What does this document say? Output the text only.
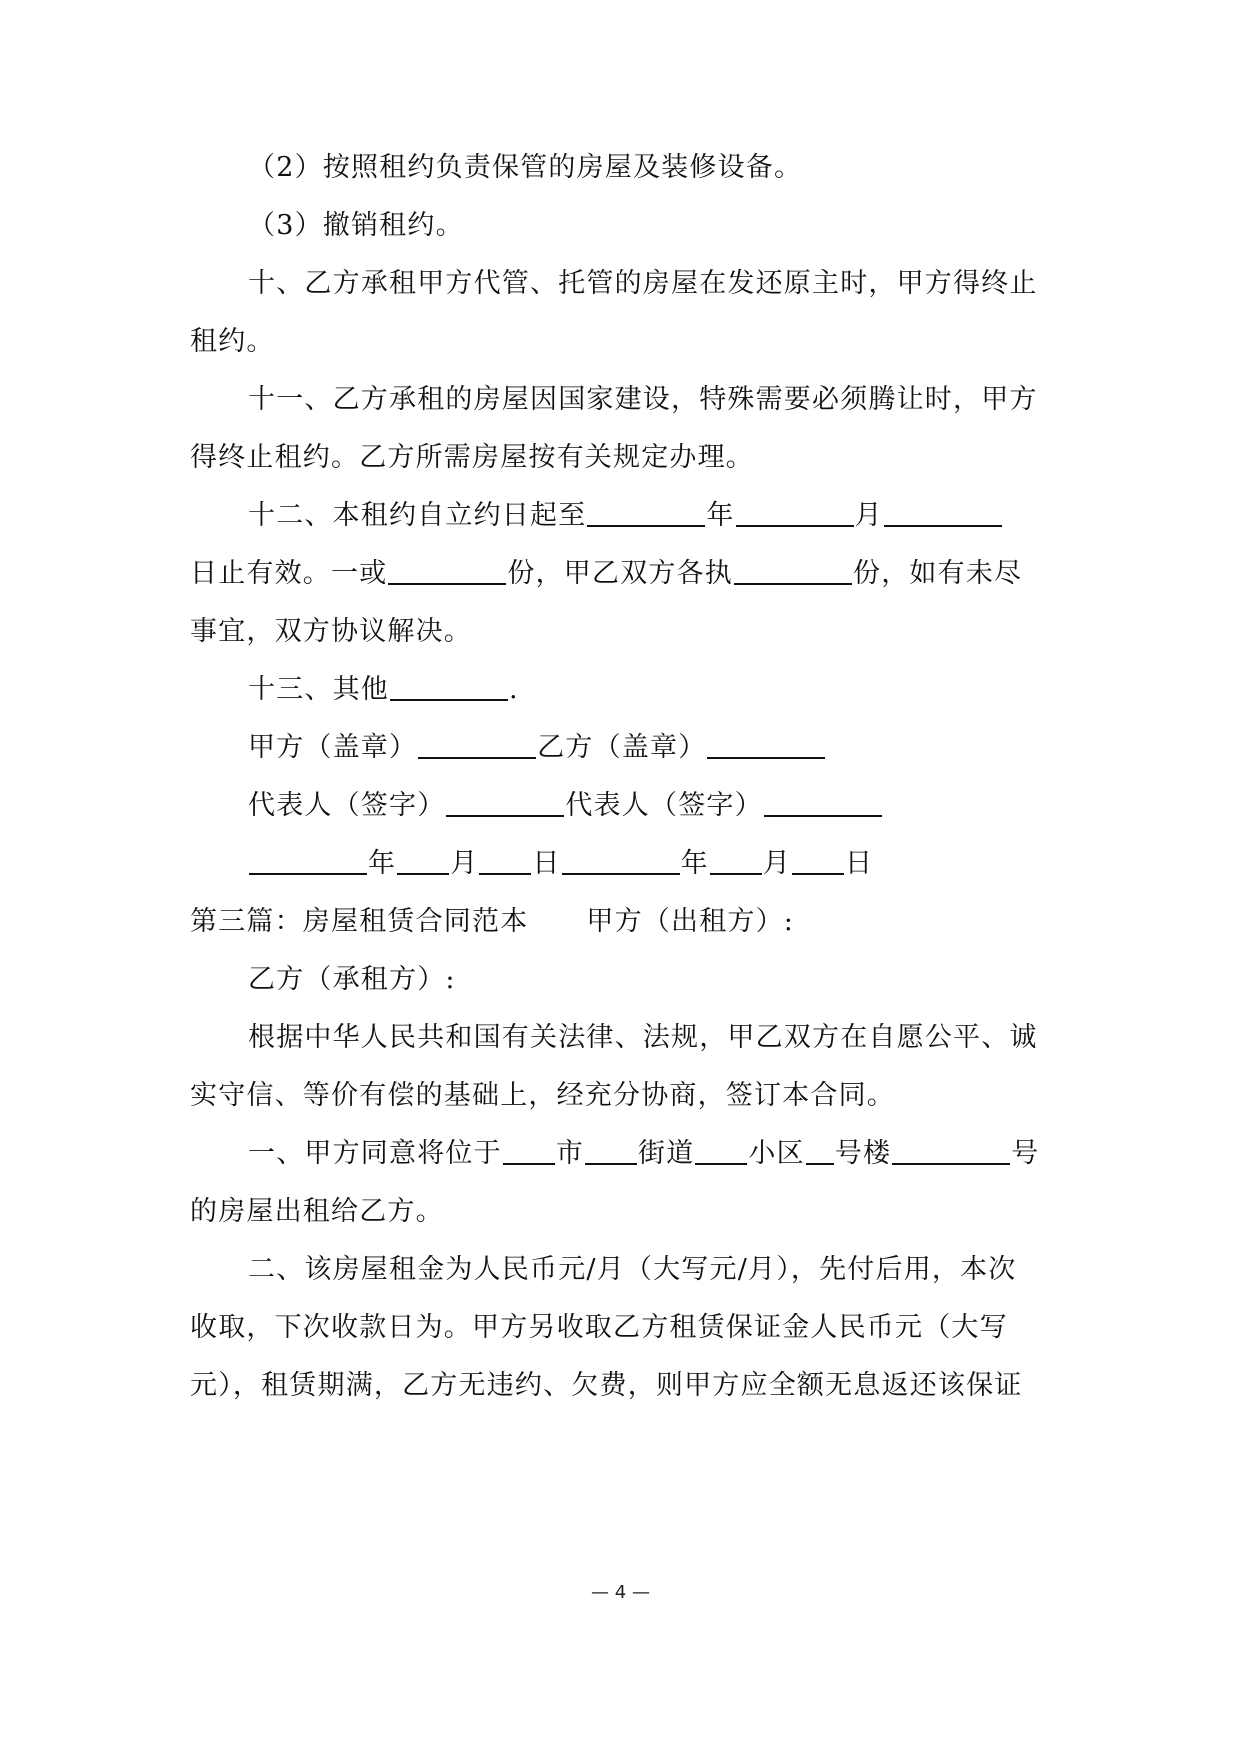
（2）按照租约负责保管的房屋及装修设备。
（3）撤销租约。
十、乙方承租甲方代管、托管的房屋在发还原主时，甲方得终止
租约。
十一、乙方承租的房屋因国家建设，特殊需要必须腾让时，甲方
得终止租约。乙方所需房屋按有关规定办理。
十二、本租约自立约日起至	年	月
日止有效。一或	份，甲乙双方各执	份，如有未尽
事宜，双方协议解决。
十三、其他	.
甲方（盖章）	乙方（盖章）
代表人（签字）	代表人（签字）
年 月 日	年 月 日
第三篇：房屋租赁合同范本 甲方（出租方）:
乙方（承租方）:
根据中华人民共和国有关法律、法规，甲乙双方在自愿公平、诚
实守信、等价有偿的基础上，经充分协商，签订本合同。
一、甲方同意将位于 市 街道 小区 号楼	号
的房屋出租给乙方。
二、该房屋租金为人民币元/月（大写元/月），先付后用，本次
收取，下次收款日为。甲方另收取乙方租赁保证金人民币元（大写
元），租赁期满，乙方无违约、欠费，则甲方应全额无息返还该保证
— 4 —
